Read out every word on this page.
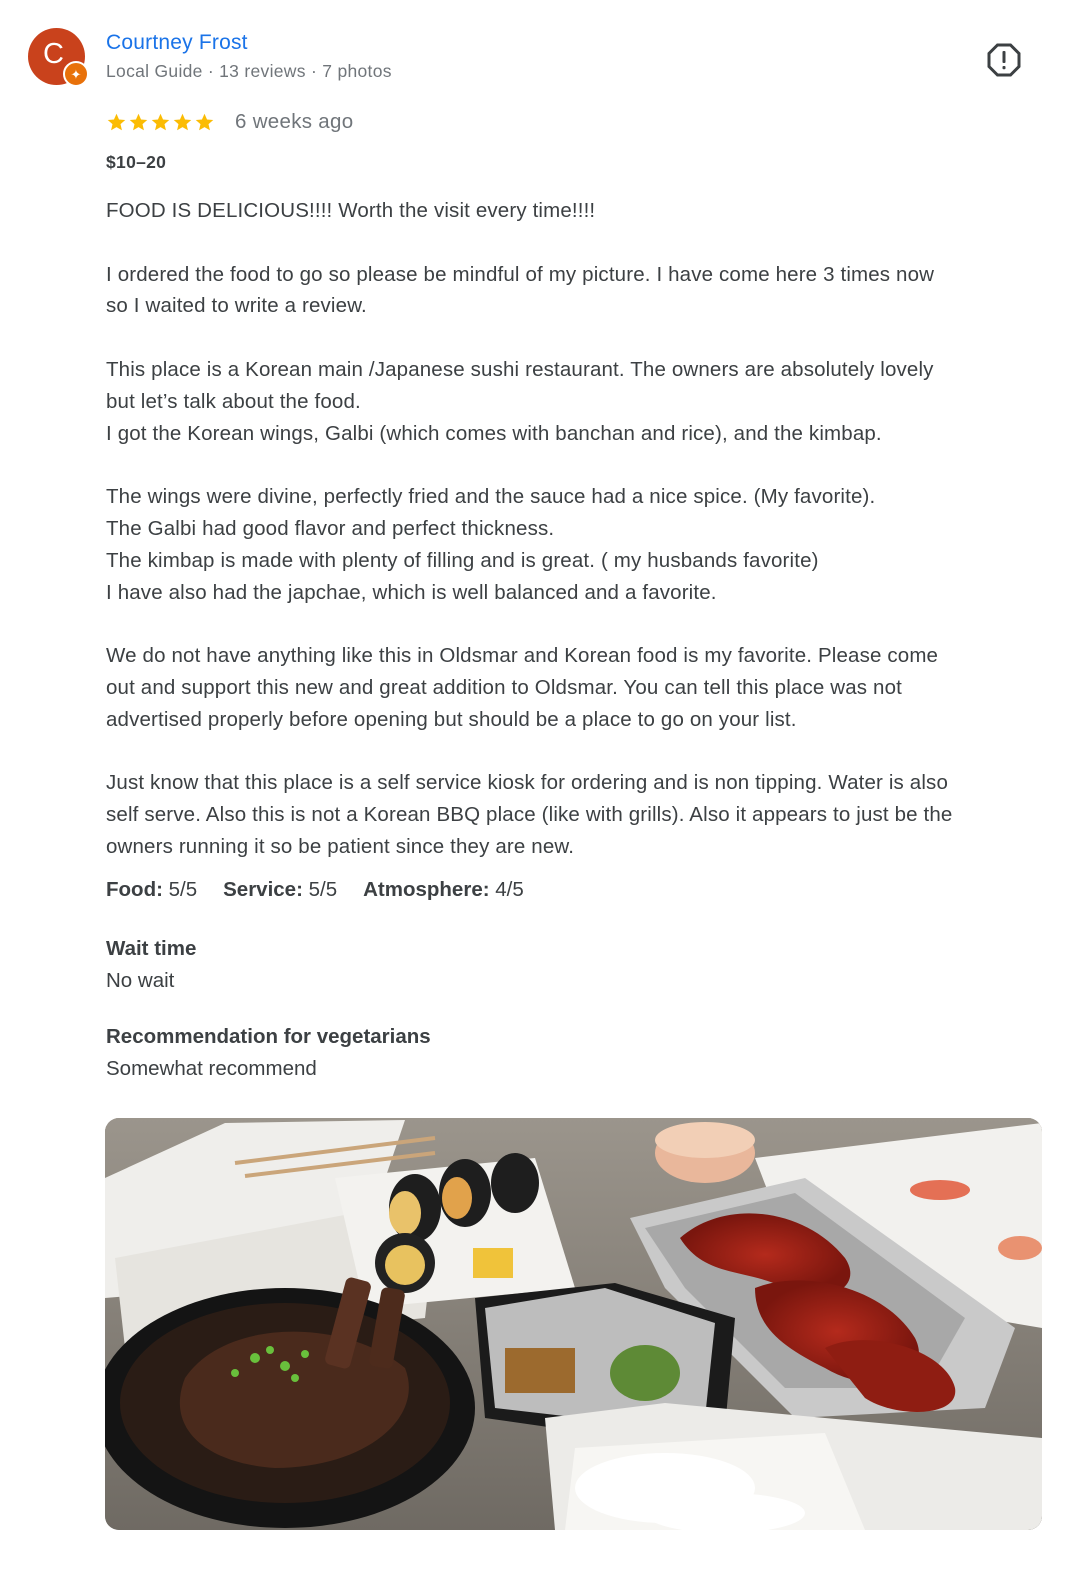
C
✦
Courtney Frost
Local Guide · 13 reviews · 7 photos
6 weeks ago
$10–20
FOOD IS DELICIOUS!!!! Worth the visit every time!!!!
I ordered the food to go so please be mindful of my picture. I have come here 3 times now
so I waited to write a review.
This place is a Korean main /Japanese sushi restaurant. The owners are absolutely lovely
but let’s talk about the food.
I got the Korean wings, Galbi (which comes with banchan and rice), and the kimbap.
The wings were divine, perfectly fried and the sauce had a nice spice. (My favorite).
The Galbi had good flavor and perfect thickness.
The kimbap is made with plenty of filling and is great. ( my husbands favorite)
I have also had the japchae, which is well balanced and a favorite.
We do not have anything like this in Oldsmar and Korean food is my favorite. Please come
out and support this new and great addition to Oldsmar. You can tell this place was not
advertised properly before opening but should be a place to go on your list.
Just know that this place is a self service kiosk for ordering and is non tipping. Water is also
self serve. Also this is not a Korean BBQ place (like with grills). Also it appears to just be the
owners running it so be patient since they are new.
Food: 5/5 Service: 5/5 Atmosphere: 4/5
Wait time
No wait
Recommendation for vegetarians
Somewhat recommend
